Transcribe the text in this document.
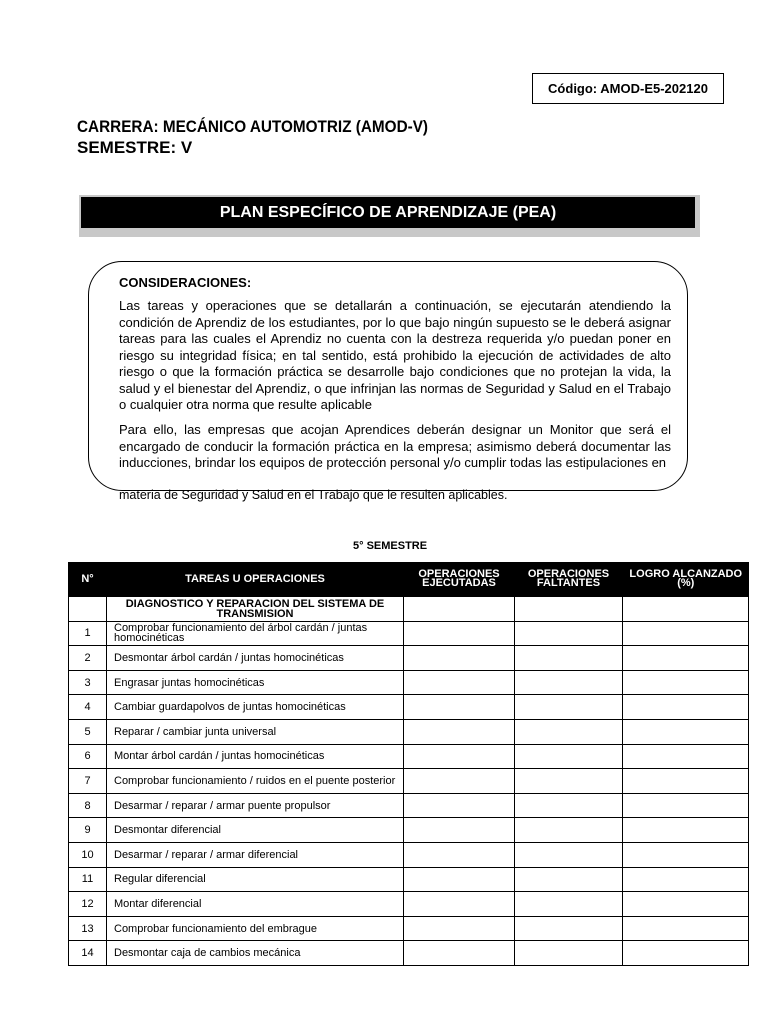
Código: AMOD-E5-202120
CARRERA: MECÁNICO AUTOMOTRIZ (AMOD-V)
SEMESTRE: V
PLAN ESPECÍFICO DE APRENDIZAJE (PEA)
CONSIDERACIONES:
Las tareas y operaciones que se detallarán a continuación, se ejecutarán atendiendo la condición de Aprendiz de los estudiantes, por lo que bajo ningún supuesto se le deberá asignar tareas para las cuales el Aprendiz no cuenta con la destreza requerida y/o puedan poner en riesgo su integridad física; en tal sentido, está prohibido la ejecución de actividades de alto riesgo o que la formación práctica se desarrolle bajo condiciones que no protejan la vida, la salud y el bienestar del Aprendiz, o que infrinjan las normas de Seguridad y Salud en el Trabajo o cualquier otra norma que resulte aplicable
Para ello, las empresas que acojan Aprendices deberán designar un Monitor que será el encargado de conducir la formación práctica en la empresa; asimismo deberá documentar las inducciones, brindar los equipos de protección personal y/o cumplir todas las estipulaciones en
materia de Seguridad y Salud en el Trabajo que le resulten aplicables.
5° SEMESTRE
N°	TAREAS U OPERACIONES	OPERACIONES EJECUTADAS	OPERACIONES FALTANTES	LOGRO ALCANZADO (%)
	DIAGNOSTICO Y REPARACION DEL SISTEMA DE TRANSMISION			
1	Comprobar funcionamiento del árbol cardán / juntas homocinéticas			
2	Desmontar árbol cardán / juntas homocinéticas			
3	Engrasar juntas homocinéticas			
4	Cambiar guardapolvos de juntas homocinéticas			
5	Reparar / cambiar junta universal			
6	Montar árbol cardán / juntas homocinéticas			
7	Comprobar funcionamiento / ruidos en el puente posterior			
8	Desarmar / reparar / armar puente propulsor			
9	Desmontar diferencial			
10	Desarmar / reparar / armar diferencial			
11	Regular diferencial			
12	Montar diferencial			
13	Comprobar funcionamiento del embrague			
14	Desmontar caja de cambios mecánica			
